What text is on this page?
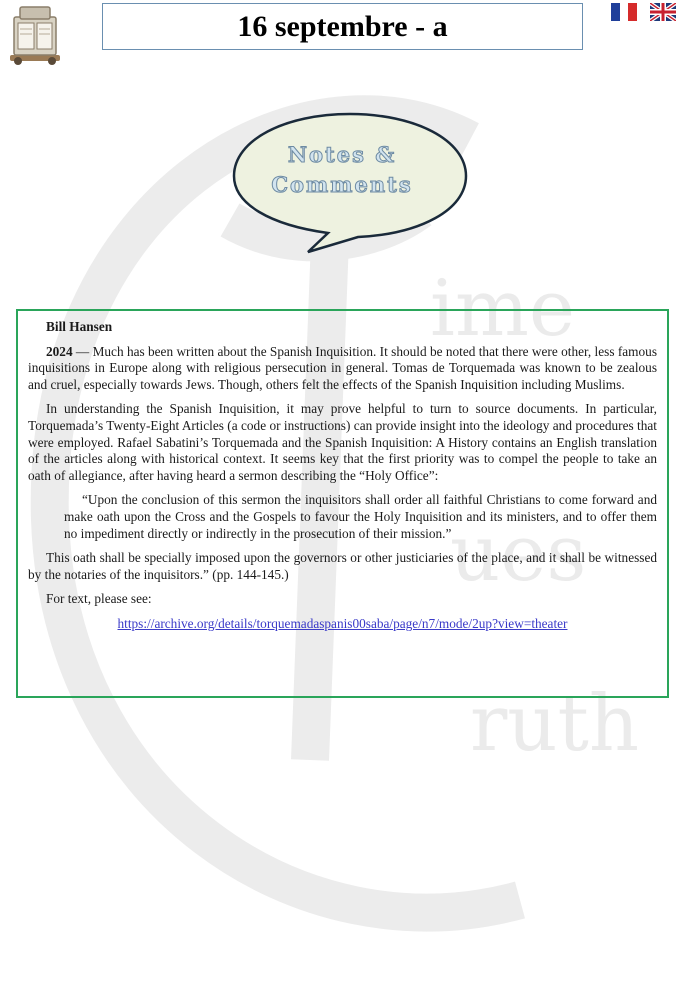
ime
ues
ruth
16 septembre - a
Notes &
Comments

Bill Hansen

2024 — Much has been written about the Spanish Inquisition. It should be noted that there were other, less famous inquisitions in Europe along with religious persecution in general. Tomas de Torquemada was known to be zealous and cruel, especially towards Jews. Though, others felt the effects of the Spanish Inquisition including Muslims.

In understanding the Spanish Inquisition, it may prove helpful to turn to source documents. In particular, Torquemada’s Twenty-Eight Articles (a code or instructions) can provide insight into the ideology and procedures that were employed. Rafael Sabatini’s Torquemada and the Spanish Inquisition: A History contains an English translation of the articles along with historical context. It seems key that the first priority was to compel the people to take an oath of allegiance, after having heard a sermon describing the “Holy Office”:

“Upon the conclusion of this sermon the inquisitors shall order all faithful Christians to come forward and make oath upon the Cross and the Gospels to favour the Holy Inquisition and its ministers, and to offer them no impediment directly or indirectly in the prosecution of their mission.”

This oath shall be specially imposed upon the governors or other justiciaries of the place, and it shall be witnessed by the notaries of the inquisitors.” (pp. 144-145.)

For text, please see:

https://archive.org/details/torquemadaspanis00saba/page/n7/mode/2up?view=theater
